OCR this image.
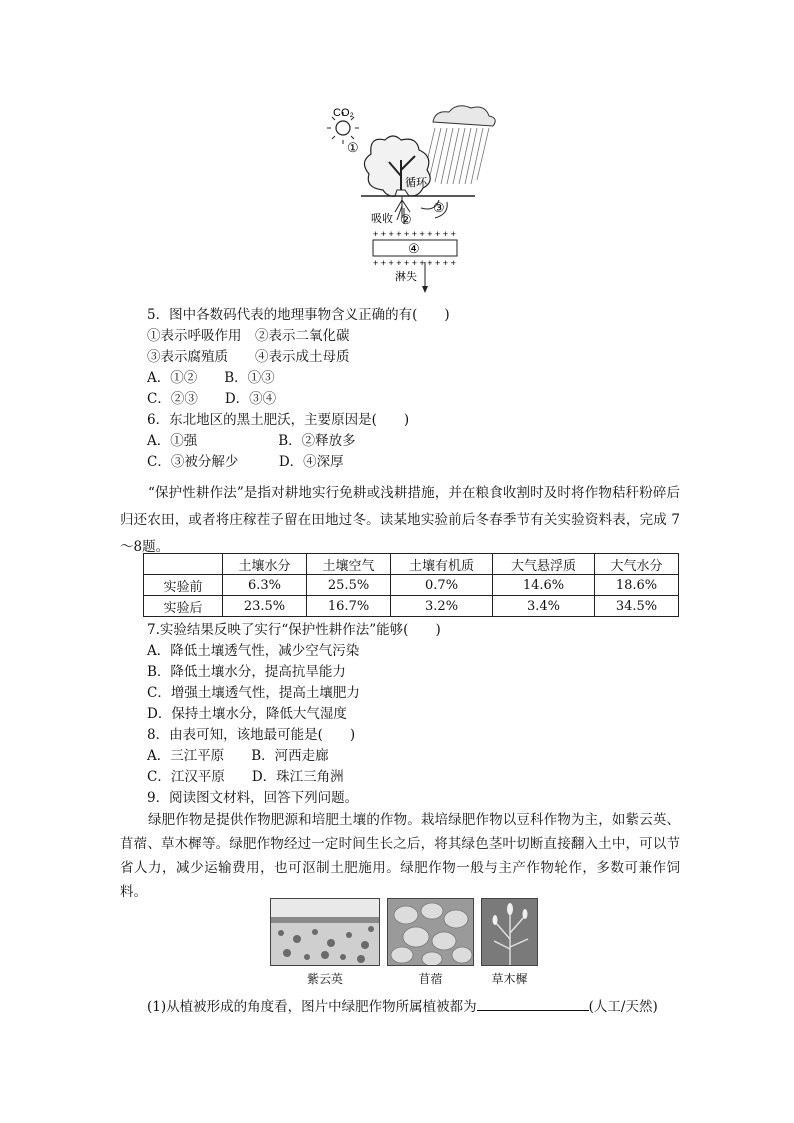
CO₂
①
循环
吸收 ②
③
+ + + + + + + + + + +
④
+ + + + + + + + + + +
淋失
5．图中各数码代表的地理事物含义正确的有(　　)
①表示呼吸作用　②表示二氧化碳
③表示腐殖质　　④表示成土母质
A．①②　　B．①③
C．②③　　D．③④
6．东北地区的黑土肥沃，主要原因是(　　)
A．①强　　　　　　B．②释放多
C．③被分解少　　　D．④深厚
“保护性耕作法”是指对耕地实行免耕或浅耕措施，并在粮食收割时及时将作物秸秆粉碎后归还农田，或者将庄稼茬子留在田地过冬。读某地实验前后冬春季节有关实验资料表，完成 7～8题。
	土壤水分	土壤空气	土壤有机质	大气悬浮质	大气水分
实验前	6.3%	25.5%	0.7%	14.6%	18.6%
实验后	23.5%	16.7%	3.2%	3.4%	34.5%
7.实验结果反映了实行“保护性耕作法”能够(　　)
A．降低土壤透气性，减少空气污染
B．降低土壤水分，提高抗旱能力
C．增强土壤透气性，提高土壤肥力
D．保持土壤水分，降低大气湿度
8．由表可知，该地最可能是(　　)
A．三江平原　　B．河西走廊
C．江汉平原　　D．珠江三角洲
9．阅读图文材料，回答下列问题。
绿肥作物是提供作物肥源和培肥土壤的作物。栽培绿肥作物以豆科作物为主，如紫云英、苜蓿、草木樨等。绿肥作物经过一定时间生长之后，将其绿色茎叶切断直接翻入土中，可以节省人力，减少运输费用，也可沤制土肥施用。绿肥作物一般与主产作物轮作，多数可兼作饲料。
紫云英	苜蓿	草木樨
(1)从植被形成的角度看，图片中绿肥作物所属植被都为	(人工/天然)
